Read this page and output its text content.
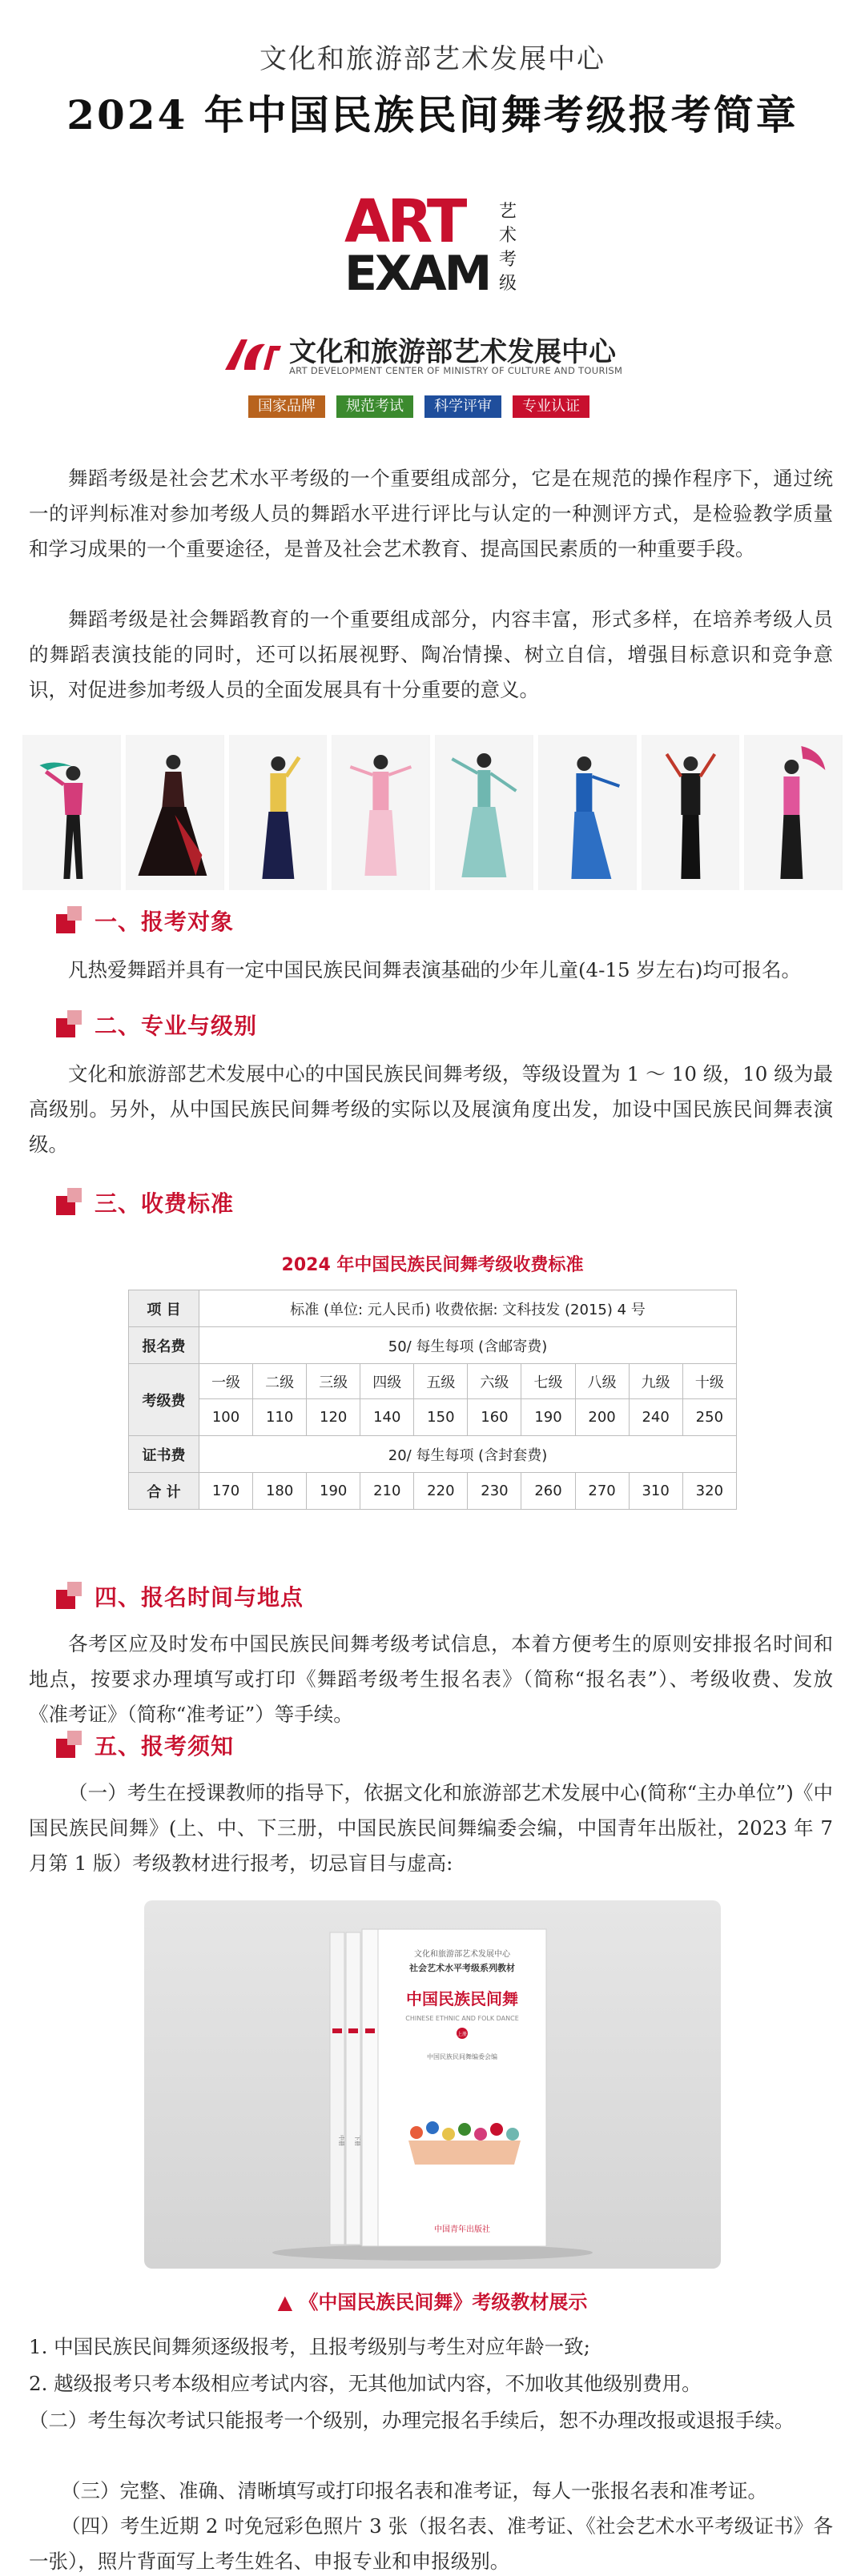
文化和旅游部艺术发展中心
2024 年中国民族民间舞考级报考简章
ART
EXAM
艺术考级
文化和旅游部艺术发展中心
ART DEVELOPMENT CENTER OF MINISTRY OF CULTURE AND TOURISM
国家品牌	规范考试	科学评审	专业认证

舞蹈考级是社会艺术水平考级的一个重要组成部分，它是在规范的操作程序下，通过统一的评判标准对参加考级人员的舞蹈水平进行评比与认定的一种测评方式，是检验教学质量和学习成果的一个重要途径，是普及社会艺术教育、提高国民素质的一种重要手段。

舞蹈考级是社会舞蹈教育的一个重要组成部分，内容丰富，形式多样，在培养考级人员的舞蹈表演技能的同时，还可以拓展视野、陶冶情操、树立自信，增强目标意识和竞争意识，对促进参加考级人员的全面发展具有十分重要的意义。

一、报考对象

凡热爱舞蹈并具有一定中国民族民间舞表演基础的少年儿童(4-15 岁左右)均可报名。

二、专业与级别

文化和旅游部艺术发展中心的中国民族民间舞考级，等级设置为 1 ～ 10 级，10 级为最高级别。另外，从中国民族民间舞考级的实际以及展演角度出发，加设中国民族民间舞表演级。

三、收费标准
2024 年中国民族民间舞考级收费标准
项 目	标准 (单位: 元人民币) 收费依据: 文科技发 (2015) 4 号									
报名费	50/ 每生每项 (含邮寄费)									
考级费	一级	二级	三级	四级	五级	六级	七级	八级	九级	十级
	100	110	120	140	150	160	190	200	240	250
证书费	20/ 每生每项 (含封套费)									
合 计	170	180	190	210	220	230	260	270	310	320
四、报名时间与地点

各考区应及时发布中国民族民间舞考级考试信息，本着方便考生的原则安排报名时间和地点，按要求办理填写或打印《舞蹈考级考生报名表》（简称“报名表”）、考级收费、发放《准考证》（简称“准考证”）等手续。

五、报考须知

（一）考生在授课教师的指导下，依据文化和旅游部艺术发展中心(简称“主办单位”)《中国民族民间舞》(上、中、下三册，中国民族民间舞编委会编，中国青年出版社，2023 年 7 月第 1 版）考级教材进行报考，切忌盲目与虚高:

文化和旅游部艺术发展中心
社会艺术水平考级系列教材
中国民族民间舞
CHINESE ETHNIC AND FOLK DANCE
上册
中国民族民间舞编委会编
中国青年出版社
中册 下册
▲ 《中国民族民间舞》考级教材展示

1. 中国民族民间舞须逐级报考，且报考级别与考生对应年龄一致;

2. 越级报考只考本级相应考试内容，无其他加试内容，不加收其他级别费用。

（二）考生每次考试只能报考一个级别，办理完报名手续后，恕不办理改报或退报手续。

（三）完整、准确、清晰填写或打印报名表和准考证，每人一张报名表和准考证。

（四）考生近期 2 吋免冠彩色照片 3 张（报名表、准考证、《社会艺术水平考级证书》各一张），照片背面写上考生姓名、申报专业和申报级别。
